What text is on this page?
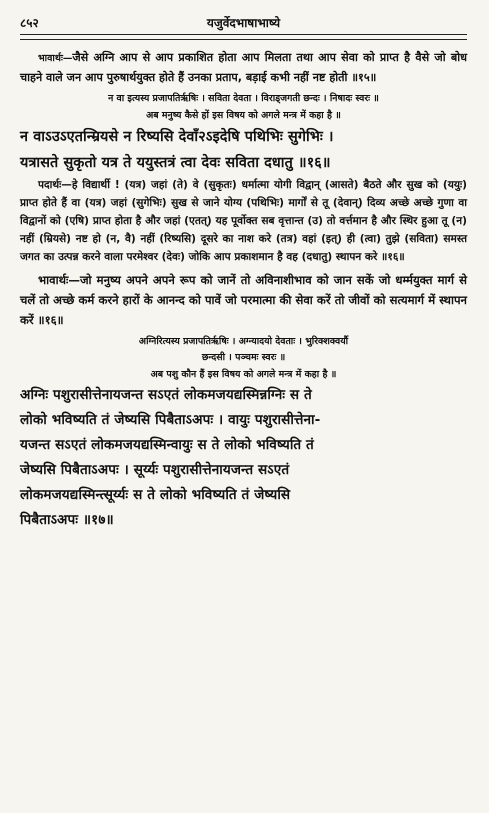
८५२	यजुर्वेदभाषाभाष्ये

भावार्थः—जैसे अग्नि आप से आप प्रकाशित होता आप मिलता तथा आप सेवा को प्राप्त है वैसे जो बोध चाहने वाले जन आप पुरुषार्थयुक्त होते हैं उनका प्रताप, बड़ाई कभी नहीं नष्ट होती ॥१५॥

न वा इत्यस्य प्रजापतिर्ऋषिः । सविता देवता । विराड्जगती छन्दः । निषादः स्वरः ॥
अब मनुष्य कैसे हों इस विषय को अगले मन्त्र में कहा है ॥
न वाऽउऽएतन्म्रियसे न रिष्यसि देवाँ२ऽइदेषि पथिभिः सुगेभिः ।
यत्रासते सुकृतो यत्र ते ययुस्तत्रं त्वा देवः सविता दधातु ॥१६॥

पदार्थः—हे विद्यार्थी ! (यत्र) जहां (ते) वे (सुकृतः) धर्मात्मा योगी विद्वान् (आसते) बैठते और सुख को (ययुः) प्राप्त होते हैं वा (यत्र) जहां (सुगेभिः) सुख से जाने योग्य (पथिभिः) मार्गों से तू (देवान्) दिव्य अच्छे अच्छे गुणा वा विद्वानों को (एषि) प्राप्त होता है और जहां (एतत्) यह पूर्वोक्त सब वृत्तान्त (उ) तो वर्त्तमान है और स्थिर हुआ तू (न) नहीं (म्रियसे) नष्ट हो (न, वै) नहीं (रिष्यसि) दूसरे का नाश करे (तत्र) वहां (इत्) ही (त्वा) तुझे (सविता) समस्त जगत का उत्पन्न करने वाला परमेश्वर (देवः) जोकि आप प्रकाशमान है वह (दधातु) स्थापन करे ॥१६॥

भावार्थः—जो मनुष्य अपने अपने रूप को जानें तो अविनाशीभाव को जान सकें जो धर्म्मयुक्त मार्ग से चलें तो अच्छे कर्म करने हारों के आनन्द को पावें जो परमात्मा की सेवा करें तो जीवों को सत्यमार्ग में स्थापन करें ॥१६॥

अग्निरित्यस्य प्रजापतिर्ऋषिः । अग्न्यादयो देवताः । भुरिक्शक्वर्यौ
छन्दसी । पञ्चमः स्वरः ॥
अब पशु कौन हैं इस विषय को अगले मन्त्र में कहा है ॥
अग्निः पशुरासीत्तेनायजन्त सऽएतं लोकमजयद्यस्मिन्नग्निः स ते
लोको भविष्यति तं जेष्यसि पिबैताऽअपः । वायुः पशुरासीत्तेना-
यजन्त सऽएतं लोकमजयद्यस्मिन्वायुः स ते लोको भविष्यति तं
जेष्यसि पिबैताऽअपः । सूर्य्यः पशुरासीत्तेनायजन्त सऽएतं
लोकमजयद्यस्मिन्त्सूर्य्यः स ते लोको भविष्यति तं जेष्यसि
पिबैताऽअपः ॥१७॥
